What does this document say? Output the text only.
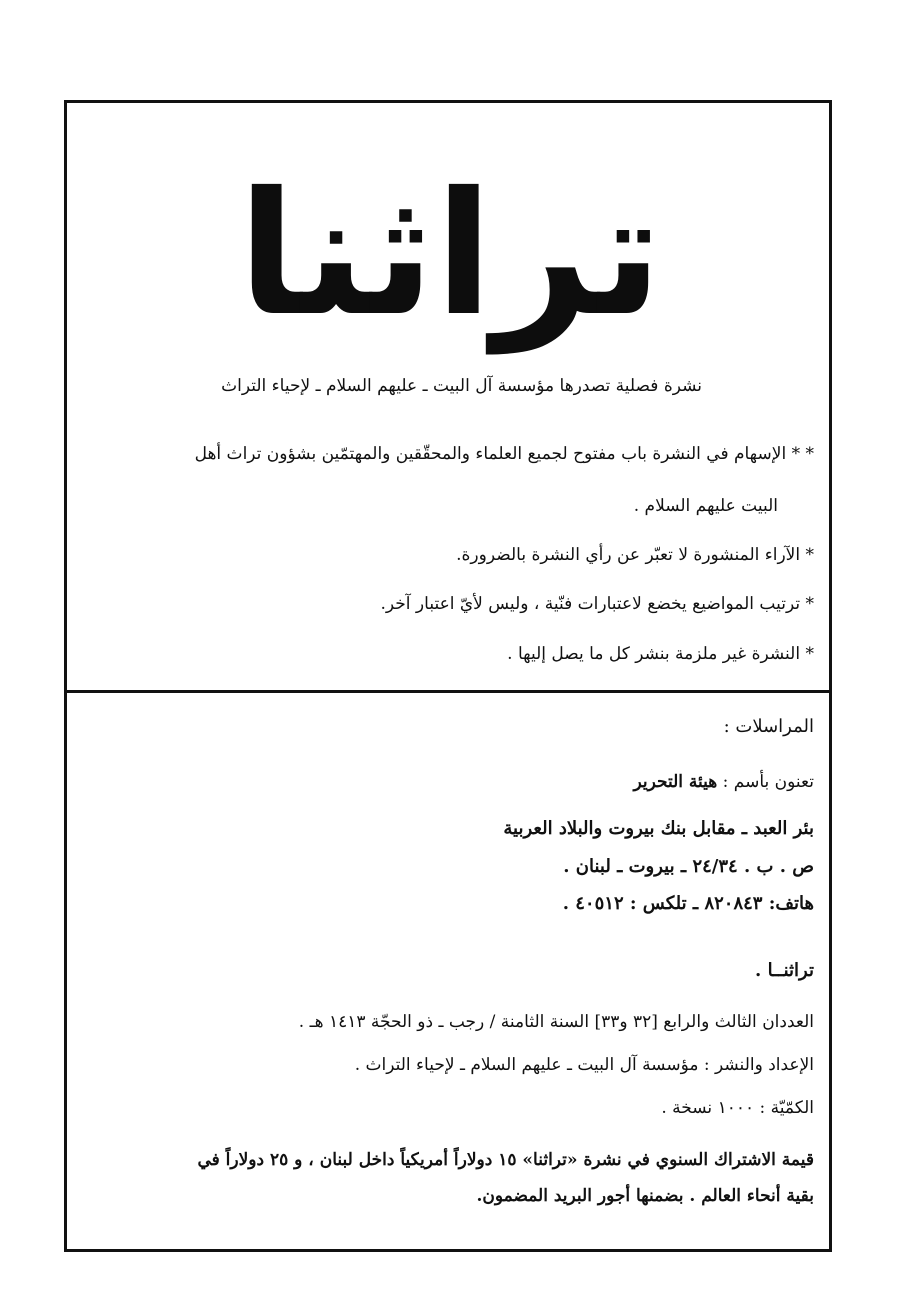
تراثنا
نشرة فصلية تصدرها مؤسسة آل البيت ـ عليهم السلام ـ لإحياء التراث
* * الإسهام في النشرة باب مفتوح لجميع العلماء والمحقّقين والمهتمّين بشؤون تراث أهل
البيت عليهم السلام .
* الآراء المنشورة لا تعبّر عن رأي النشرة بالضرورة.
* ترتيب المواضيع يخضع لاعتبارات فنّية ، وليس لأيّ اعتبار آخر.
* النشرة غير ملزمة بنشر كل ما يصل إليها .
المراسلات :
تعنون بأسم : هيئة التحرير
بئر العبد ـ مقابل بنك بيروت والبلاد العربية
ص . ب . ٢٤/٣٤ ـ بيروت ـ لبنان .
هاتف: ٨٢٠٨٤٣ ـ تلكس : ٤٠٥١٢ .
تراثنــا .
العددان الثالث والرابع [٣٢ و٣٣] السنة الثامنة / رجب ـ ذو الحجّة ١٤١٣ هـ .
الإعداد والنشر : مؤسسة آل البيت ـ عليهم السلام ـ لإحياء التراث .
الكمّيّة : ١٠٠٠ نسخة .
قيمة الاشتراك السنوي في نشرة «تراثنا» ١٥ دولاراً أمريكياً داخل لبنان ، و ٢٥ دولاراً في
بقية أنحاء العالم . بضمنها أجور البريد المضمون.
